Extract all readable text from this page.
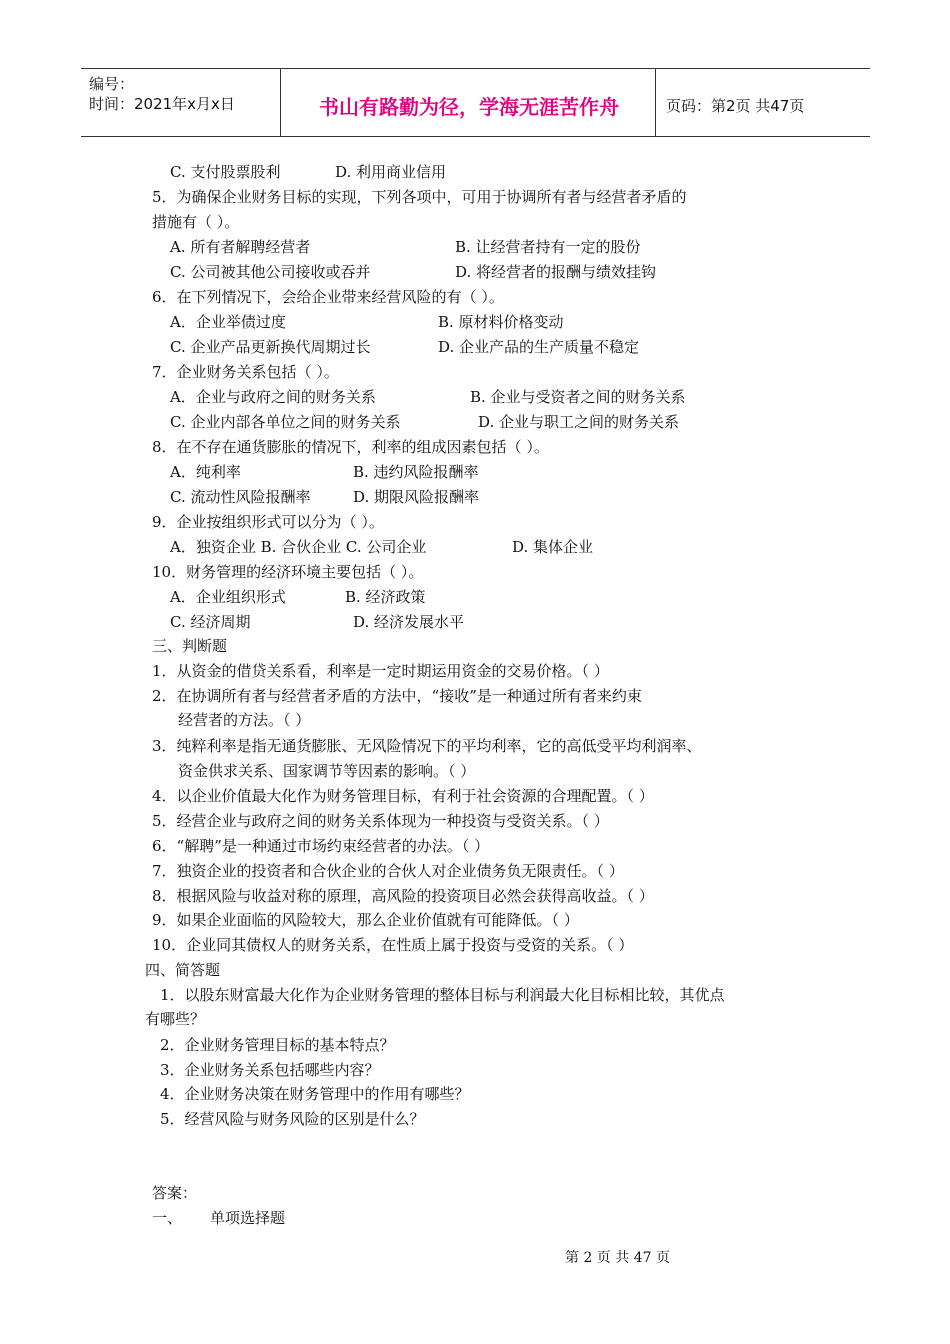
编号：
时间：2021年x月x日	书山有路勤为径，学海无涯苦作舟	页码：第2页 共47页
C. 支付股票股利	D. 利用商业信用
5．为确保企业财务目标的实现，下列各项中，可用于协调所有者与经营者矛盾的
措施有（ ）。
A. 所有者解聘经营者	B. 让经营者持有一定的股份
C. 公司被其他公司接收或吞并	D. 将经营者的报酬与绩效挂钩
6．在下列情况下，会给企业带来经营风险的有（ ）。
A．企业举债过度	B. 原材料价格变动
C. 企业产品更新换代周期过长	D. 企业产品的生产质量不稳定
7．企业财务关系包括（ ）。
A．企业与政府之间的财务关系	B. 企业与受资者之间的财务关系
C. 企业内部各单位之间的财务关系	D. 企业与职工之间的财务关系
8．在不存在通货膨胀的情况下，利率的组成因素包括（ ）。
A．纯利率	B. 违约风险报酬率
C. 流动性风险报酬率	D. 期限风险报酬率
9．企业按组织形式可以分为（ ）。
A．独资企业 B. 合伙企业 C. 公司企业	D. 集体企业
10．财务管理的经济环境主要包括（ ）。
A．企业组织形式	B. 经济政策
C. 经济周期	D. 经济发展水平
三、判断题
1．从资金的借贷关系看，利率是一定时期运用资金的交易价格。（ ）
2．在协调所有者与经营者矛盾的方法中，“接收”是一种通过所有者来约束
经营者的方法。（ ）
3．纯粹利率是指无通货膨胀、无风险情况下的平均利率，它的高低受平均利润率、
资金供求关系、国家调节等因素的影响。（ ）
4．以企业价值最大化作为财务管理目标，有利于社会资源的合理配置。（ ）
5．经营企业与政府之间的财务关系体现为一种投资与受资关系。（ ）
6．“解聘”是一种通过市场约束经营者的办法。（ ）
7．独资企业的投资者和合伙企业的合伙人对企业债务负无限责任。（ ）
8．根据风险与收益对称的原理，高风险的投资项目必然会获得高收益。（ ）
9．如果企业面临的风险较大，那么企业价值就有可能降低。（ ）
10．企业同其债权人的财务关系，在性质上属于投资与受资的关系。（ ）
四、简答题
1．以股东财富最大化作为企业财务管理的整体目标与利润最大化目标相比较，其优点
有哪些？
2．企业财务管理目标的基本特点？
3．企业财务关系包括哪些内容？
4．企业财务决策在财务管理中的作用有哪些？
5．经营风险与财务风险的区别是什么？
答案：
一、 单项选择题
第 2 页 共 47 页
